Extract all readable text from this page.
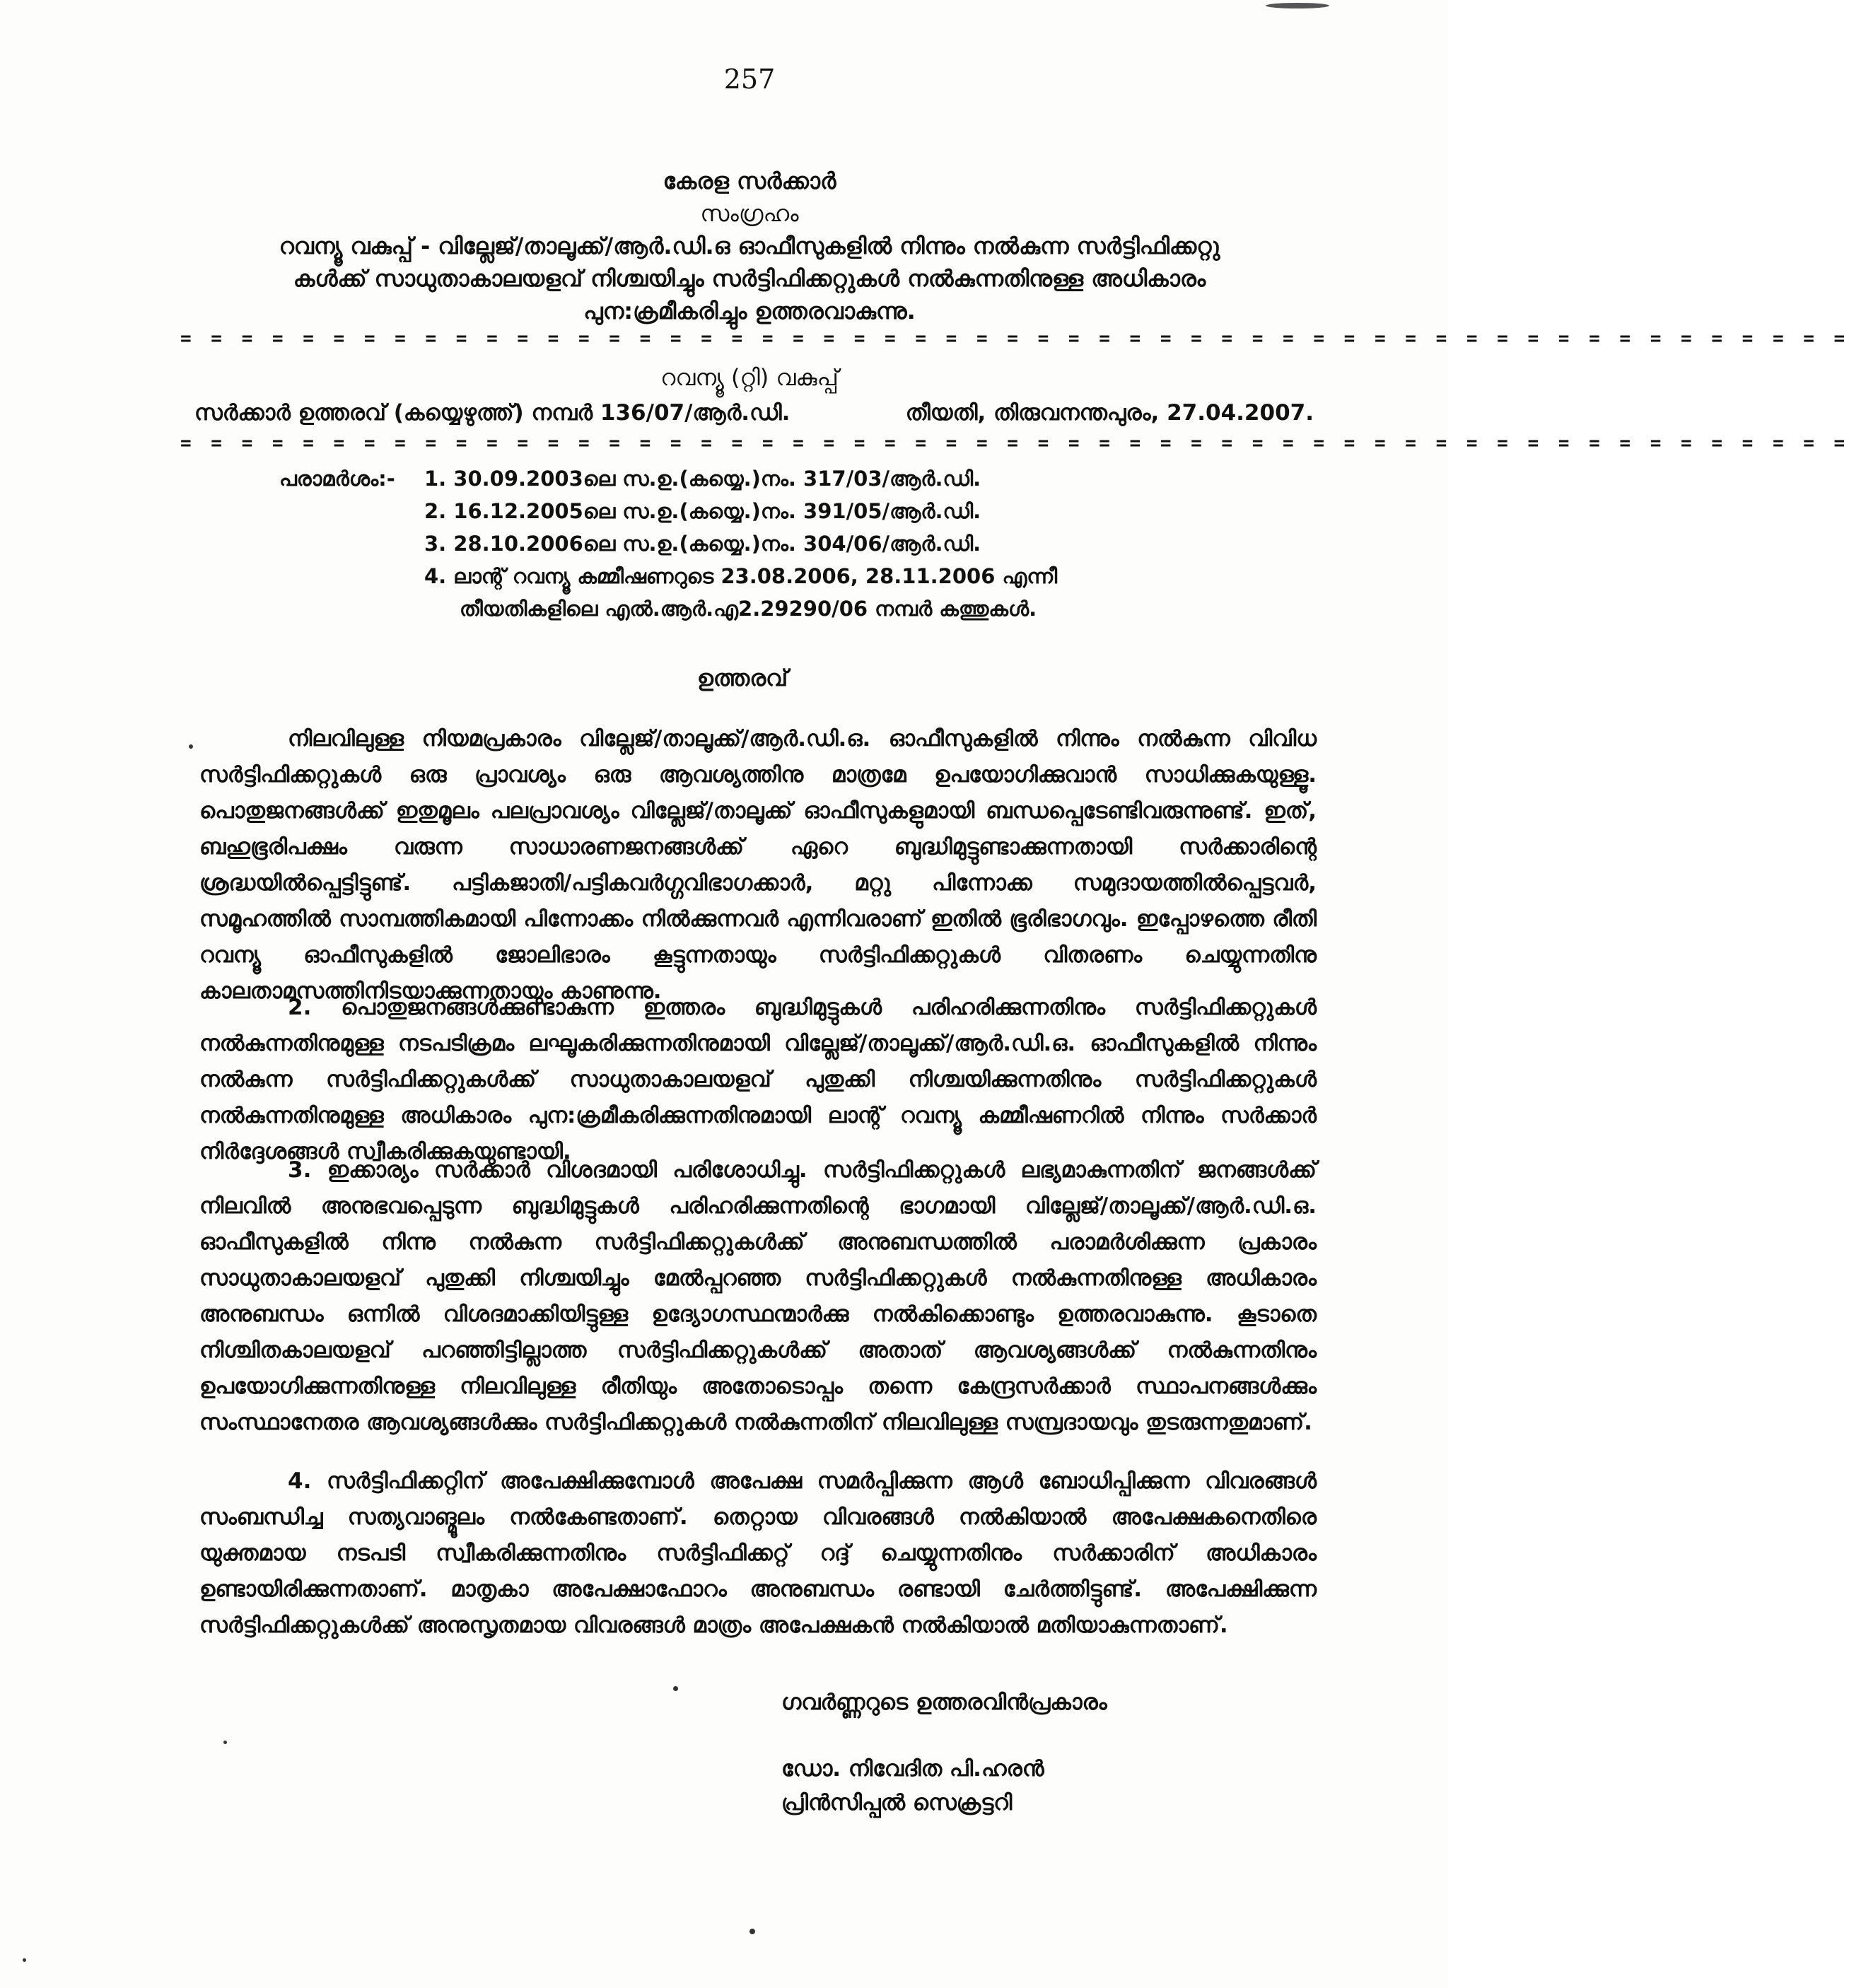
257
കേരള സർക്കാർ
സംഗ്രഹം
റവന്യൂ വകുപ്പ് - വില്ലേജ്/താലൂക്ക്/ആർ.ഡി.ഒ ഓഫീസുകളിൽ നിന്നും നൽകുന്ന സർട്ടിഫിക്കറ്റു
കൾക്ക് സാധുതാകാലയളവ് നിശ്ചയിച്ചും സർട്ടിഫിക്കറ്റുകൾ നൽകുന്നതിനുള്ള അധികാരം
പുന:ക്രമീകരിച്ചും ഉത്തരവാകുന്നു.
= = = = = = = = = = = = = = = = = = = = = = = = = = = = = = = = = = = = = = = = = = = = = = = = = = = = = = =
റവന്യൂ (റ്റി) വകുപ്പ്
സർക്കാർ ഉത്തരവ് (കയ്യെഴുത്ത്) നമ്പർ 136/07/ആർ.ഡി.	തീയതി, തിരുവനന്തപുരം, 27.04.2007.
= = = = = = = = = = = = = = = = = = = = = = = = = = = = = = = = = = = = = = = = = = = = = = = = = = = = = = =
പരാമർശം:- 1. 30.09.2003ലെ സ.ഉ.(കയ്യെ.)നം. 317/03/ആർ.ഡി.
2. 16.12.2005ലെ സ.ഉ.(കയ്യെ.)നം. 391/05/ആർ.ഡി.
3. 28.10.2006ലെ സ.ഉ.(കയ്യെ.)നം. 304/06/ആർ.ഡി.
4. ലാന്റ് റവന്യൂ കമ്മീഷണറുടെ 23.08.2006, 28.11.2006 എന്നീ
തീയതികളിലെ എൽ.ആർ.എ2.29290/06 നമ്പർ കത്തുകൾ.
ഉത്തരവ്

നിലവിലുള്ള നിയമപ്രകാരം വില്ലേജ്/താലൂക്ക്/ആർ.ഡി.ഒ. ഓഫീസുകളിൽ നിന്നും നൽകുന്ന വിവിധ സർട്ടിഫിക്കറ്റുകൾ ഒരു പ്രാവശ്യം ഒരു ആവശ്യത്തിനു മാത്രമേ ഉപയോഗിക്കുവാൻ സാധിക്കുകയുള്ളൂ. പൊതുജനങ്ങൾക്ക് ഇതുമൂലം പലപ്രാവശ്യം വില്ലേജ്/താലൂക്ക് ഓഫീസുകളുമായി ബന്ധപ്പെടേണ്ടിവരുന്നുണ്ട്. ഇത്, ബഹുഭൂരിപക്ഷം വരുന്ന സാധാരണജനങ്ങൾക്ക് ഏറെ ബുദ്ധിമുട്ടുണ്ടാക്കുന്നതായി സർക്കാരിന്റെ ശ്രദ്ധയിൽപ്പെട്ടിട്ടുണ്ട്. പട്ടികജാതി/പട്ടികവർഗ്ഗവിഭാഗക്കാർ, മറ്റു പിന്നോക്ക സമുദായത്തിൽപ്പെട്ടവർ, സമൂഹത്തിൽ സാമ്പത്തികമായി പിന്നോക്കം നിൽക്കുന്നവർ എന്നിവരാണ് ഇതിൽ ഭൂരിഭാഗവും. ഇപ്പോഴത്തെ രീതി റവന്യൂ ഓഫീസുകളിൽ ജോലിഭാരം കൂട്ടുന്നതായും സർട്ടിഫിക്കറ്റുകൾ വിതരണം ചെയ്യുന്നതിനു കാലതാമസത്തിനിടയാക്കുന്നതായും കാണുന്നു.

2. പൊതുജനങ്ങൾക്കുണ്ടാകുന്ന ഇത്തരം ബുദ്ധിമുട്ടുകൾ പരിഹരിക്കുന്നതിനും സർട്ടിഫിക്കറ്റുകൾ നൽകുന്നതിനുമുള്ള നടപടിക്രമം ലഘൂകരിക്കുന്നതിനുമായി വില്ലേജ്/താലൂക്ക്/ആർ.ഡി.ഒ. ഓഫീസുകളിൽ നിന്നും നൽകുന്ന സർട്ടിഫിക്കറ്റുകൾക്ക് സാധുതാകാലയളവ് പുതുക്കി നിശ്ചയിക്കുന്നതിനും സർട്ടിഫിക്കറ്റുകൾ നൽകുന്നതിനുമുള്ള അധികാരം പുന:ക്രമീകരിക്കുന്നതിനുമായി ലാന്റ് റവന്യൂ കമ്മീഷണറിൽ നിന്നും സർക്കാർ നിർദ്ദേശങ്ങൾ സ്വീകരിക്കുകയുണ്ടായി.

3. ഇക്കാര്യം സർക്കാർ വിശദമായി പരിശോധിച്ചു. സർട്ടിഫിക്കറ്റുകൾ ലഭ്യമാകുന്നതിന് ജനങ്ങൾക്ക് നിലവിൽ അനുഭവപ്പെടുന്ന ബുദ്ധിമുട്ടുകൾ പരിഹരിക്കുന്നതിന്റെ ഭാഗമായി വില്ലേജ്/താലൂക്ക്/ആർ.ഡി.ഒ. ഓഫീസുകളിൽ നിന്നു നൽകുന്ന സർട്ടിഫിക്കറ്റുകൾക്ക് അനുബന്ധത്തിൽ പരാമർശിക്കുന്ന പ്രകാരം സാധുതാകാലയളവ് പുതുക്കി നിശ്ചയിച്ചും മേൽപ്പറഞ്ഞ സർട്ടിഫിക്കറ്റുകൾ നൽകുന്നതിനുള്ള അധികാരം അനുബന്ധം ഒന്നിൽ വിശദമാക്കിയിട്ടുള്ള ഉദ്യോഗസ്ഥന്മാർക്കു നൽകിക്കൊണ്ടും ഉത്തരവാകുന്നു. കൂടാതെ നിശ്ചിതകാലയളവ് പറഞ്ഞിട്ടില്ലാത്ത സർട്ടിഫിക്കറ്റുകൾക്ക് അതാത് ആവശ്യങ്ങൾക്ക് നൽകുന്നതിനും ഉപയോഗിക്കുന്നതിനുള്ള നിലവിലുള്ള രീതിയും അതോടൊപ്പം തന്നെ കേന്ദ്രസർക്കാർ സ്ഥാപനങ്ങൾക്കും സംസ്ഥാനേതര ആവശ്യങ്ങൾക്കും സർട്ടിഫിക്കറ്റുകൾ നൽകുന്നതിന് നിലവിലുള്ള സമ്പ്രദായവും തുടരുന്നതുമാണ്.

4. സർട്ടിഫിക്കറ്റിന് അപേക്ഷിക്കുമ്പോൾ അപേക്ഷ സമർപ്പിക്കുന്ന ആൾ ബോധിപ്പിക്കുന്ന വിവരങ്ങൾ സംബന്ധിച്ച സത്യവാങ്മൂലം നൽകേണ്ടതാണ്. തെറ്റായ വിവരങ്ങൾ നൽകിയാൽ അപേക്ഷകനെതിരെ യുക്തമായ നടപടി സ്വീകരിക്കുന്നതിനും സർട്ടിഫിക്കറ്റ് റദ്ദ് ചെയ്യുന്നതിനും സർക്കാരിന് അധികാരം ഉണ്ടായിരിക്കുന്നതാണ്. മാതൃകാ അപേക്ഷാഫോറം അനുബന്ധം രണ്ടായി ചേർത്തിട്ടുണ്ട്. അപേക്ഷിക്കുന്ന സർട്ടിഫിക്കറ്റുകൾക്ക് അനുസൃതമായ വിവരങ്ങൾ മാത്രം അപേക്ഷകൻ നൽകിയാൽ മതിയാകുന്നതാണ്.

ഗവർണ്ണറുടെ ഉത്തരവിൻപ്രകാരം
ഡോ. നിവേദിത പി.ഹരൻ
പ്രിൻസിപ്പൽ സെക്രട്ടറി
